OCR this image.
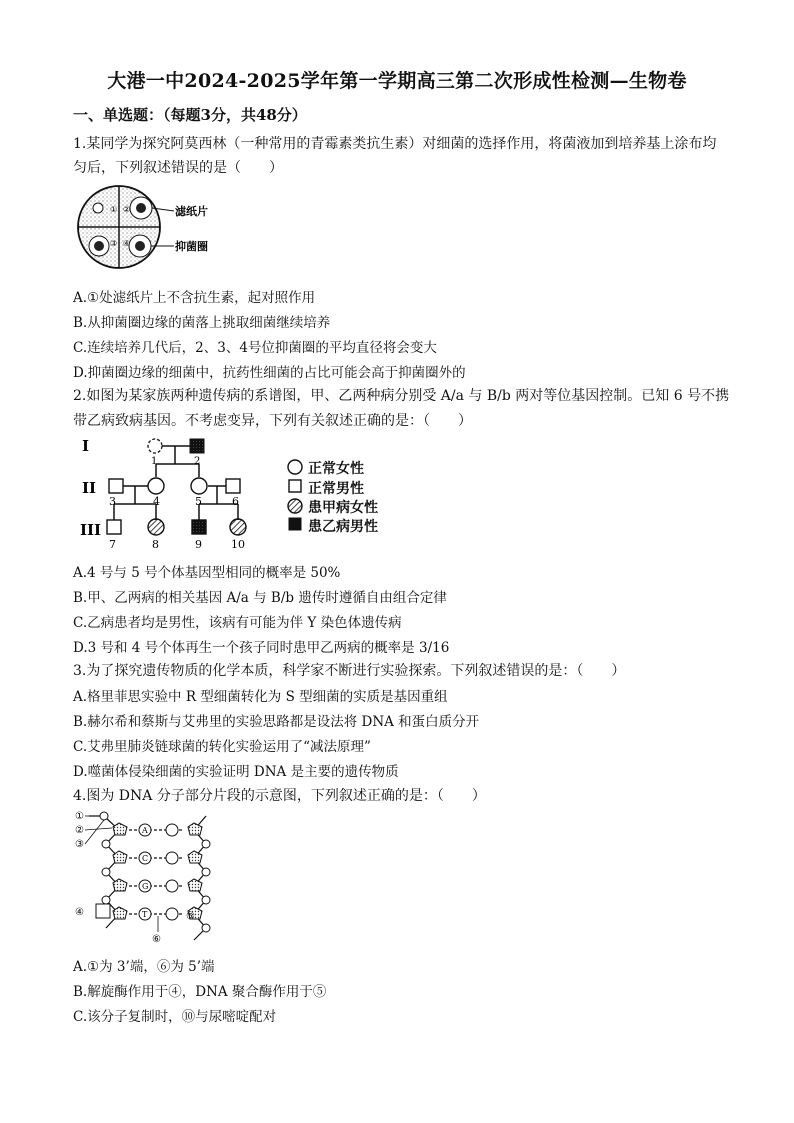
大港一中2024-2025学年第一学期高三第二次形成性检测—生物卷
一、单选题：（每题3分，共48分）
1.某同学为探究阿莫西林（一种常用的青霉素类抗生素）对细菌的选择作用，将菌液加到培养基上涂布均
匀后，下列叙述错误的是（　　）
① ②
③ ④
滤纸片
抑菌圈
A.①处滤纸片上不含抗生素，起对照作用
B.从抑菌圈边缘的菌落上挑取细菌继续培养
C.连续培养几代后，2、3、4号位抑菌圈的平均直径将会变大
D.抑菌圈边缘的细菌中，抗药性细菌的占比可能会高于抑菌圈外的
2.如图为某家族两种遗传病的系谱图，甲、乙两种病分别受 A/a 与 B/b 两对等位基因控制。已知 6 号不携
带乙病致病基因。不考虑变异，下列有关叙述正确的是：（　　）
I
II
III
1	2
3	4	5	6
7	8	9	10
正常女性
正常男性
患甲病女性
患乙病男性
A.4 号与 5 号个体基因型相同的概率是 50%
B.甲、乙两病的相关基因 A/a 与 B/b 遗传时遵循自由组合定律
C.乙病患者均是男性，该病有可能为伴 Y 染色体遗传病
D.3 号和 4 号个体再生一个孩子同时患甲乙两病的概率是 3/16
3.为了探究遗传物质的化学本质，科学家不断进行实验探索。下列叙述错误的是：（　　）
A.格里菲思实验中 R 型细菌转化为 S 型细菌的实质是基因重组
B.赫尔希和蔡斯与艾弗里的实验思路都是设法将 DNA 和蛋白质分开
C.艾弗里肺炎链球菌的转化实验运用了“减法原理”
D.噬菌体侵染细菌的实验证明 DNA 是主要的遗传物质
4.图为 DNA 分子部分片段的示意图，下列叙述正确的是：（　　）
A
C
G
T
①
②
③
④	⑤
⑥
A.①为 3’端，⑥为 5’端
B.解旋酶作用于④，DNA 聚合酶作用于⑤
C.该分子复制时，⑩与尿嘧啶配对
